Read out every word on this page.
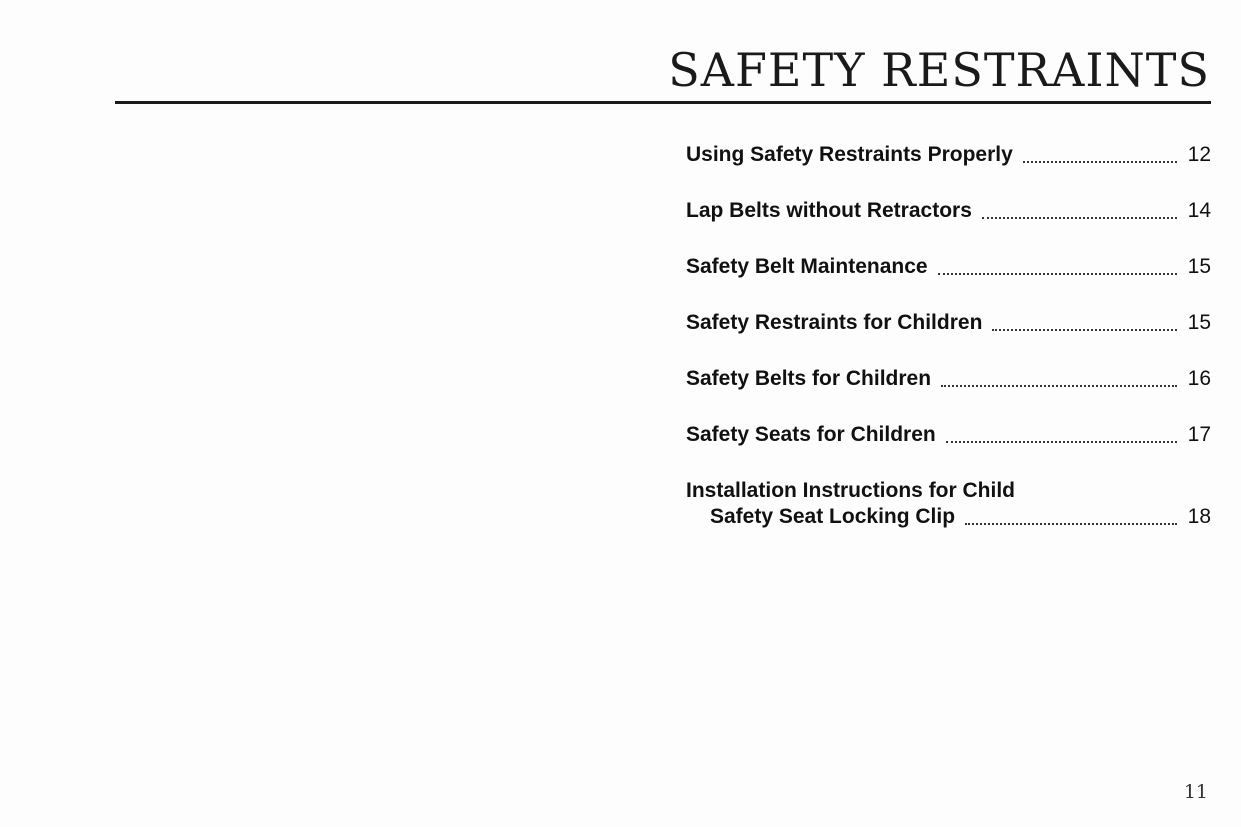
SAFETY RESTRAINTS
Using Safety Restraints Properly	12
Lap Belts without Retractors	14
Safety Belt Maintenance	15
Safety Restraints for Children	15
Safety Belts for Children	16
Safety Seats for Children	17
Installation Instructions for Child
Safety Seat Locking Clip	18
11
